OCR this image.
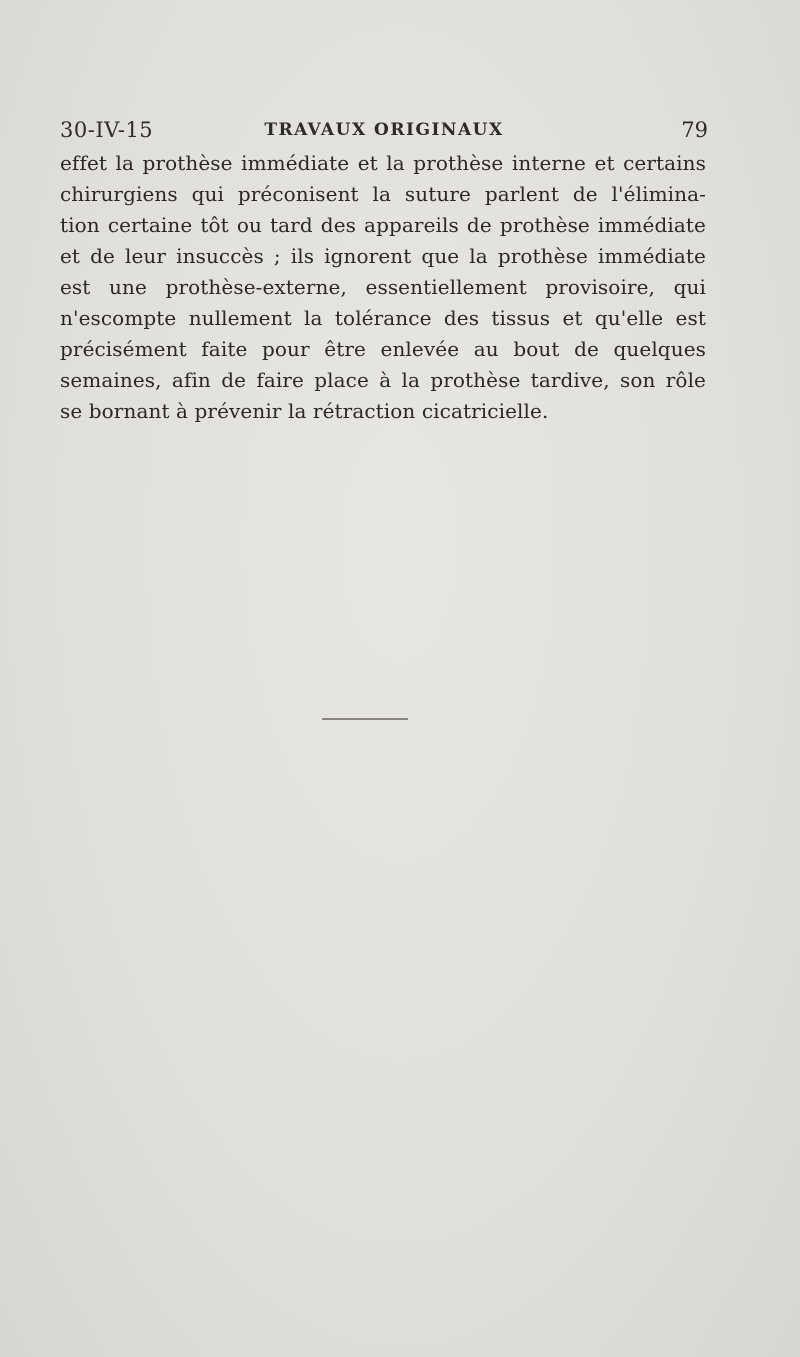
30-IV-15	TRAVAUX ORIGINAUX	79
effet la prothèse immédiate et la prothèse interne et certains
chirurgiens qui préconisent la suture parlent de l'élimina-
tion certaine tôt ou tard des appareils de prothèse immédiate
et de leur insuccès ; ils ignorent que la prothèse immédiate
est une prothèse-externe, essentiellement provisoire, qui
n'escompte nullement la tolérance des tissus et qu'elle est
précisément faite pour être enlevée au bout de quelques
semaines, afin de faire place à la prothèse tardive, son rôle
se bornant à prévenir la rétraction cicatricielle.
